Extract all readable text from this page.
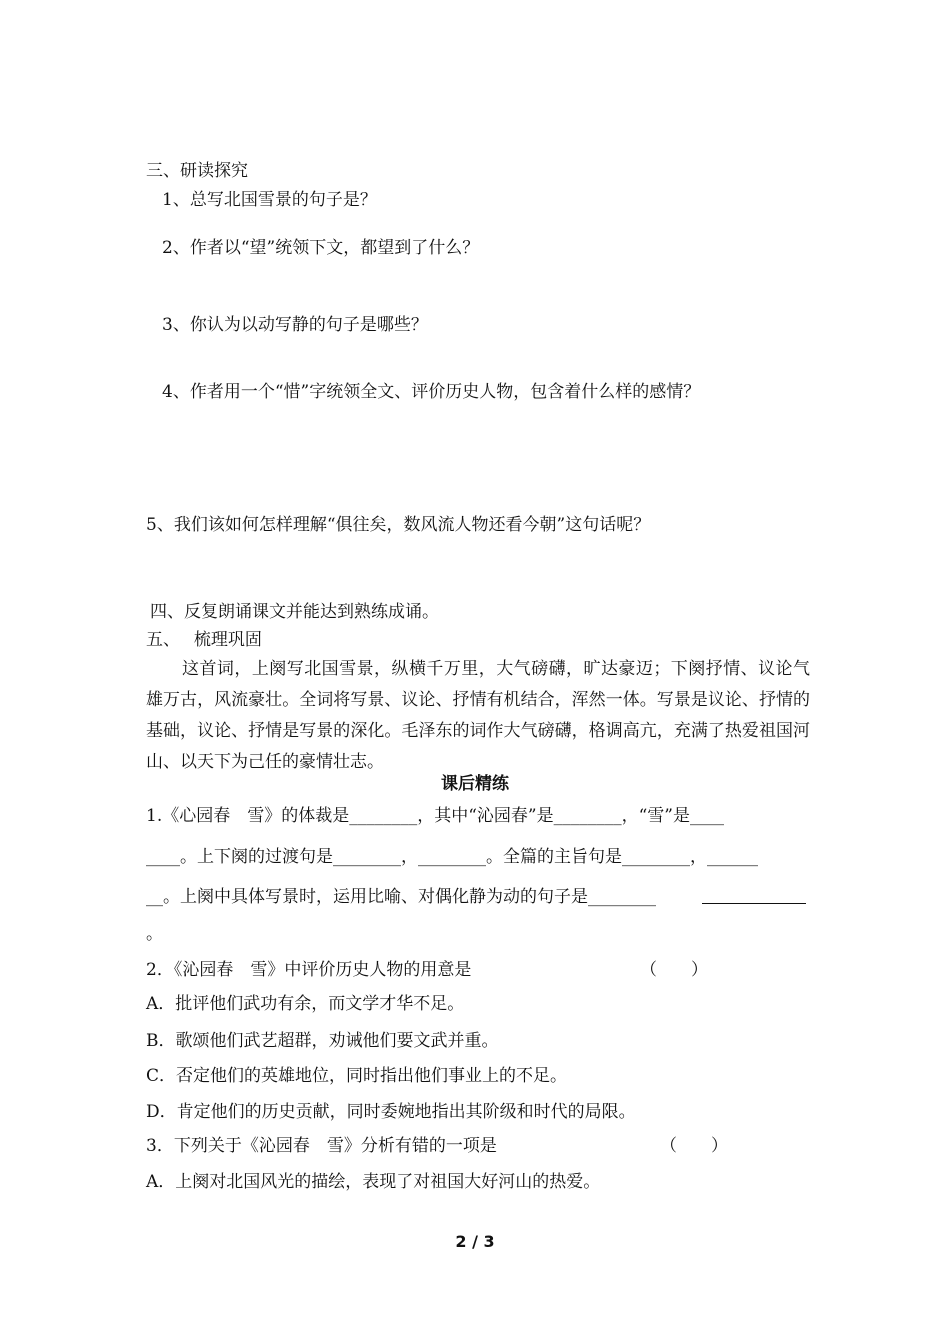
三、研读探究
1、总写北国雪景的句子是？
2、作者以“望”统领下文，都望到了什么？
3、你认为以动写静的句子是哪些？
4、作者用一个“惜”字统领全文、评价历史人物，包含着什么样的感情？
5、我们该如何怎样理解“俱往矣，数风流人物还看今朝”这句话呢？
四、反复朗诵课文并能达到熟练成诵。
五、　 梳理巩固
这首词，上阕写北国雪景，纵横千万里，大气磅礴，旷达豪迈；下阕抒情、议论气雄万古，风流豪壮。全词将写景、议论、抒情有机结合，浑然一体。写景是议论、抒情的基础，议论、抒情是写景的深化。毛泽东的词作大气磅礴，格调高亢，充满了热爱祖国河山、以天下为己任的豪情壮志。
课后精练
1.《心园春　雪》的体裁是________，其中“沁园春”是________，“雪”是____
____。上下阕的过渡句是________，________。全篇的主旨句是________，______
__。上阕中具体写景时，运用比喻、对偶化静为动的句子是________
。
2．《沁园春　雪》中评价历史人物的用意是	（　　）
A．批评他们武功有余，而文学才华不足。
B．歌颂他们武艺超群，劝诫他们要文武并重。
C．否定他们的英雄地位，同时指出他们事业上的不足。
D．肯定他们的历史贡献，同时委婉地指出其阶级和时代的局限。
3．下列关于《沁园春　雪》分析有错的一项是	（　　）
A．上阕对北国风光的描绘，表现了对祖国大好河山的热爱。
2 / 3
